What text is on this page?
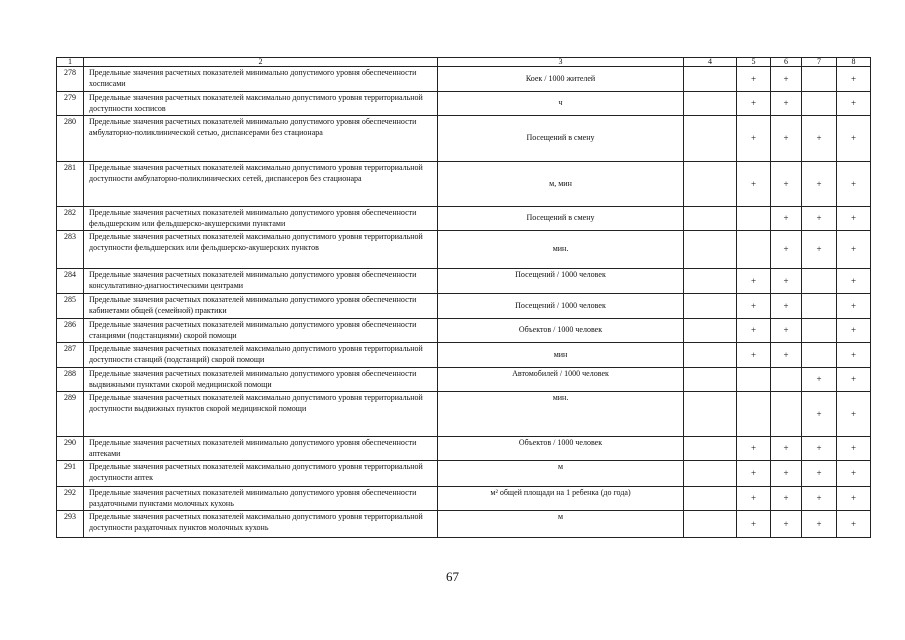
1	2	3	4	5	6	7	8
278	Предельные значения расчетных показателей минимально допустимого уровня обеспеченности хосписами	Коек / 1000 жителей		+	+		+
279	Предельные значения расчетных показателей максимально допустимого уровня территориальной доступности хосписов	ч		+	+		+
280	Предельные значения расчетных показателей минимально допустимого уровня обеспеченности амбулаторно-поликлинической сетью, диспансерами без стационара	Посещений в смену		+	+	+	+
281	Предельные значения расчетных показателей максимально допустимого уровня территориальной доступности амбулаторно-поликлинических сетей, диспансеров без стационара	м, мин		+	+	+	+
282	Предельные значения расчетных показателей минимально допустимого уровня обеспеченности фельдшерским или фельдшерско-акушерскими пунктами	Посещений в смену			+	+	+
283	Предельные значения расчетных показателей максимально допустимого уровня территориальной доступности фельдшерских или фельдшерско-акушерских пунктов	мин.			+	+	+
284	Предельные значения расчетных показателей минимально допустимого уровня обеспеченности консультативно-диагностическими центрами	Посещений / 1000 человек		+	+		+
285	Предельные значения расчетных показателей минимально допустимого уровня обеспеченности кабинетами общей (семейной) практики	Посещений / 1000 человек		+	+		+
286	Предельные значения расчетных показателей минимально допустимого уровня обеспеченности станциями (подстанциями) скорой помощи	Объектов / 1000 человек		+	+		+
287	Предельные значения расчетных показателей максимально допустимого уровня территориальной доступности станций (подстанций) скорой помощи	мин		+	+		+
288	Предельные значения расчетных показателей минимально допустимого уровня обеспеченности выдвижными пунктами скорой медицинской помощи	Автомобилей / 1000 человек				+	+
289	Предельные значения расчетных показателей максимально допустимого уровня территориальной доступности выдвижных пунктов скорой медицинской помощи	мин.				+	+
290	Предельные значения расчетных показателей минимально допустимого уровня обеспеченности аптеками	Объектов / 1000 человек		+	+	+	+
291	Предельные значения расчетных показателей максимально допустимого уровня территориальной доступности аптек	м		+	+	+	+
292	Предельные значения расчетных показателей минимально допустимого уровня обеспеченности раздаточными пунктами молочных кухонь	м² общей площади на 1 ребенка (до года)		+	+	+	+
293	Предельные значения расчетных показателей максимально допустимого уровня территориальной доступности раздаточных пунктов молочных кухонь	м		+	+	+	+
67
